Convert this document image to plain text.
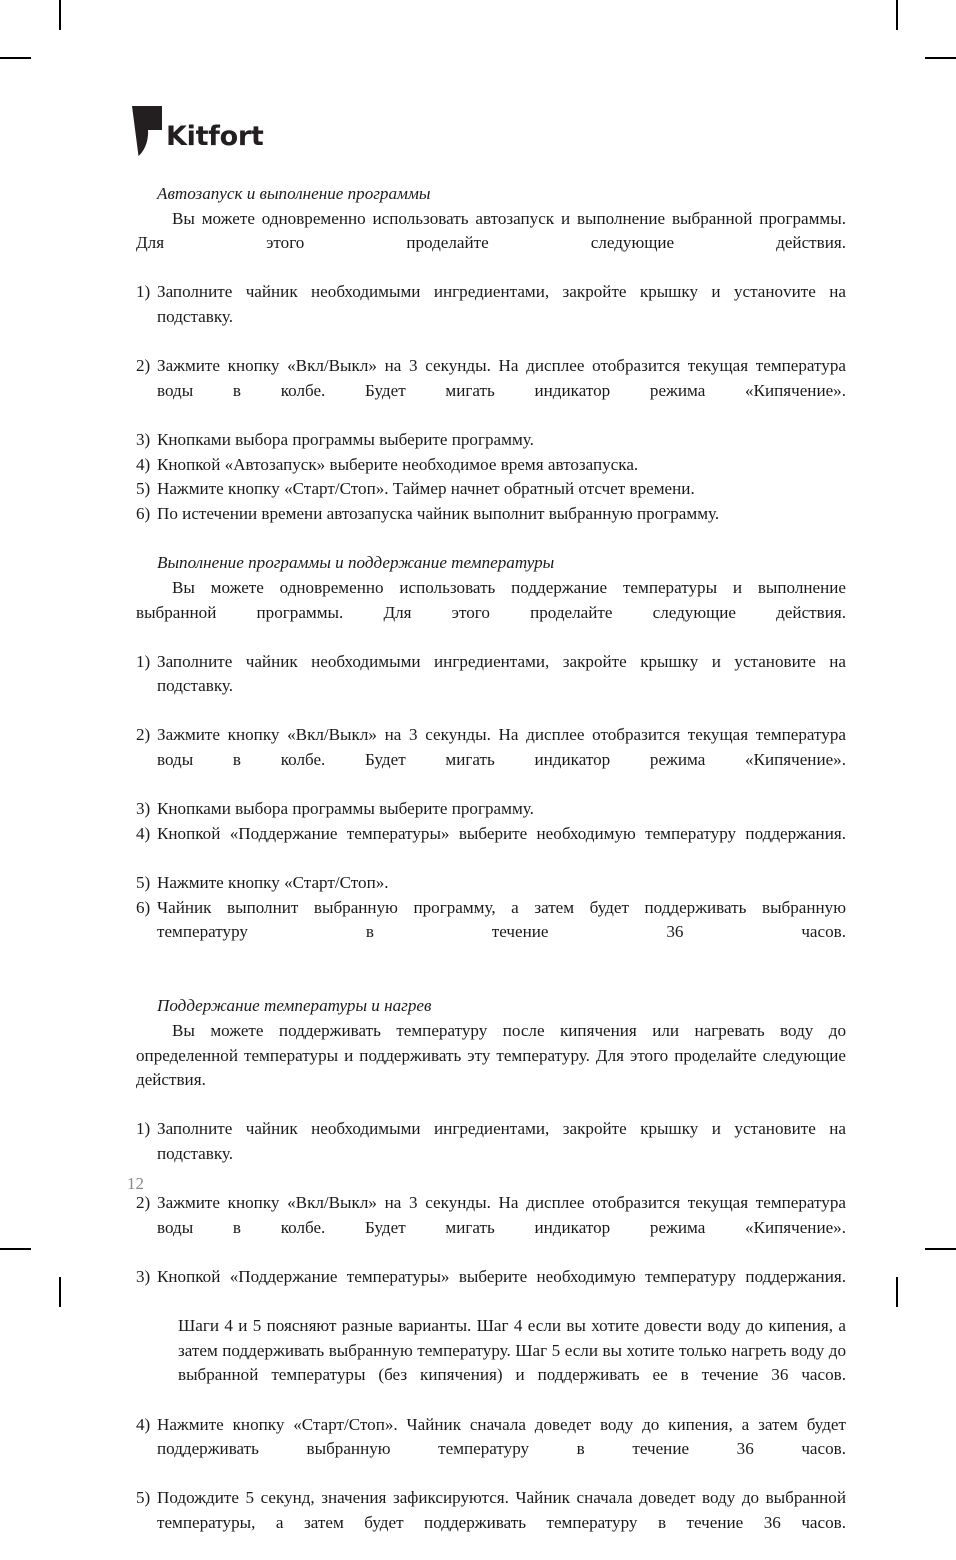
Kitfort
Автозапуск и выполнение программы

Вы можете одновременно использовать автозапуск и выполнение выбранной программы. Для этого проделайте следующие действия.

1) Заполните чайник необходимыми ингредиентами, закройте крышку и устаноvите на подставку.
2) Зажмите кнопку «Вкл/Выкл» на 3 секунды. На дисплее отобразится текущая температура воды в колбе. Будет мигать индикатор режима «Кипячение».
3) Кнопками выбора программы выберите программу.
4) Кнопкой «Автозапуск» выберите необходимое время автозапуска.
5) Нажмите кнопку «Старт/Стоп». Таймер начнет обратный отсчет времени.
6) По истечении времени автозапуска чайник выполнит выбранную программу.
Выполнение программы и поддержание температуры

Вы можете одновременно использовать поддержание температуры и выполнение выбранной программы. Для этого проделайте следующие действия.

1) Заполните чайник необходимыми ингредиентами, закройте крышку и установите на подставку.
2) Зажмите кнопку «Вкл/Выкл» на 3 секунды. На дисплее отобразится текущая температура воды в колбе. Будет мигать индикатор режима «Кипячение».
3) Кнопками выбора программы выберите программу.
4) Кнопкой «Поддержание температуры» выберите необходимую температуру поддержания.
5) Нажмите кнопку «Старт/Стоп».
6) Чайник выполнит выбранную программу, а затем будет поддерживать выбранную температуру в течение 36 часов.
Поддержание температуры и нагрев

Вы можете поддерживать температуру после кипячения или нагревать воду до определенной температуры и поддерживать эту температуру. Для этого проделайте следующие действия.

1) Заполните чайник необходимыми ингредиентами, закройте крышку и установите на подставку.
2) Зажмите кнопку «Вкл/Выкл» на 3 секунды. На дисплее отобразится текущая температура воды в колбе. Будет мигать индикатор режима «Кипячение».
3) Кнопкой «Поддержание температуры» выберите необходимую температуру поддержания.
Шаги 4 и 5 поясняют разные варианты. Шаг 4 если вы хотите довести воду до кипения, а затем поддерживать выбранную температуру. Шаг 5 если вы хотите только нагреть воду до выбранной температуры (без кипячения) и поддерживать ее в течение 36 часов.
4) Нажмите кнопку «Старт/Стоп». Чайник сначала доведет воду до кипения, а затем будет поддерживать выбранную температуру в течение 36 часов.
5) Подождите 5 секунд, значения зафиксируются. Чайник сначала доведет воду до выбранной температуры, а затем будет поддерживать температуру в течение 36 часов.
12
